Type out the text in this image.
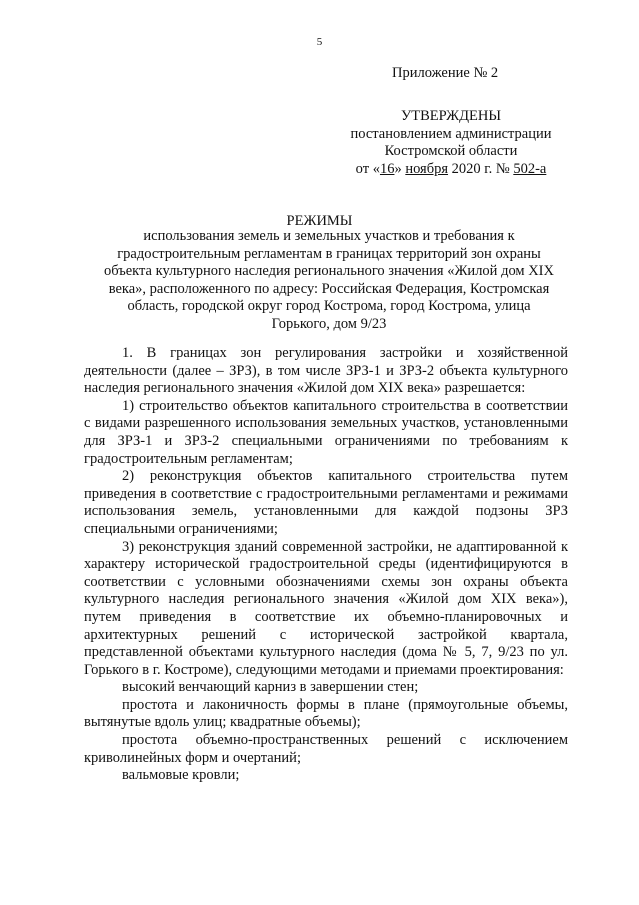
5
Приложение № 2
УТВЕРЖДЕНЫ
постановлением администрации
Костромской области
от «16» ноября 2020 г. № 502-а
РЕЖИМЫ
использования земель и земельных участков и требования к градостроительным регламентам в границах территорий зон охраны объекта культурного наследия регионального значения «Жилой дом XIX века», расположенного по адресу: Российская Федерация, Костромская область, городской округ город Кострома, город Кострома, улица Горького, дом 9/23

1. В границах зон регулирования застройки и хозяйственной деятельности (далее – ЗРЗ), в том числе ЗРЗ-1 и ЗРЗ-2 объекта культурного наследия регионального значения «Жилой дом XIX века» разрешается:

1) строительство объектов капитального строительства в соответствии с видами разрешенного использования земельных участков, установленными для ЗРЗ-1 и ЗРЗ-2 специальными ограничениями по требованиям к градостроительным регламентам;

2) реконструкция объектов капитального строительства путем приведения в соответствие с градостроительными регламентами и режимами использования земель, установленными для каждой подзоны ЗРЗ специальными ограничениями;

3) реконструкция зданий современной застройки, не адаптированной к характеру исторической градостроительной среды (идентифицируются в соответствии с условными обозначениями схемы зон охраны объекта культурного наследия регионального значения «Жилой дом XIX века»), путем приведения в соответствие их объемно-планировочных и архитектурных решений с исторической застройкой квартала, представленной объектами культурного наследия (дома № 5, 7, 9/23 по ул. Горького в г. Костроме), следующими методами и приемами проектирования:

высокий венчающий карниз в завершении стен;

простота и лаконичность формы в плане (прямоугольные объемы, вытянутые вдоль улиц; квадратные объемы);

простота объемно-пространственных решений с исключением криволинейных форм и очертаний;

вальмовые кровли;
